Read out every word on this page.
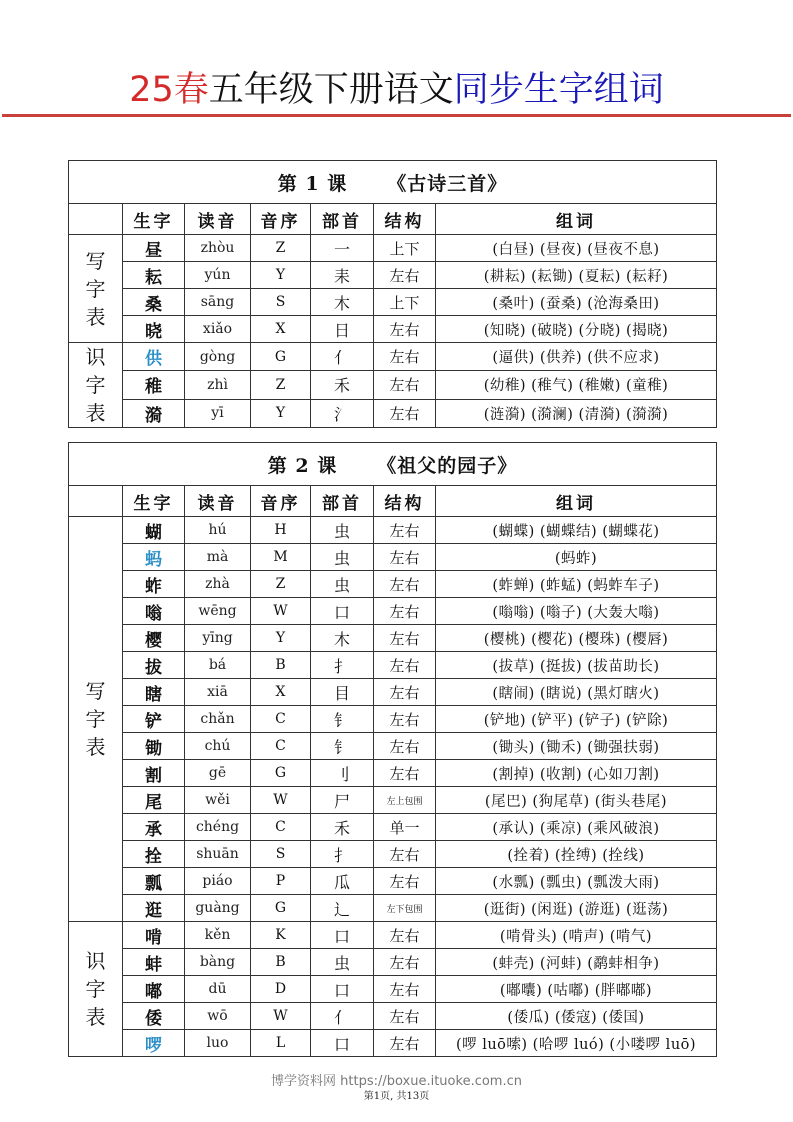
25春五年级下册语文同步生字组词
第 1 课 《古诗三首》						
	生字	读音	音序	部首	结构	组词

写
字
表	昼	zhòu	Z	一	上下	(白昼) (昼夜) (昼夜不息)
	耘	yún	Y	耒	左右	(耕耘) (耘锄) (夏耘) (耘耔)
	桑	sāng	S	木	上下	(桑叶) (蚕桑) (沧海桑田)
	晓	xiǎo	X	日	左右	(知晓) (破晓) (分晓) (揭晓)

识
字
表	供	gòng	G	亻	左右	(逼供) (供养) (供不应求)
	稚	zhì	Z	禾	左右	(幼稚) (稚气) (稚嫩) (童稚)
	漪	yī	Y	氵	左右	(涟漪) (漪澜) (清漪) (漪漪)
第 2 课 《祖父的园子》						
	生字	读音	音序	部首	结构	组词

写
字
表	蝴	hú	H	虫	左右	(蝴蝶) (蝴蝶结) (蝴蝶花)
	蚂	mà	M	虫	左右	(蚂蚱)
	蚱	zhà	Z	虫	左右	(蚱蝉) (蚱蜢) (蚂蚱车子)
	嗡	wēng	W	口	左右	(嗡嗡) (嗡子) (大轰大嗡)
	樱	yīng	Y	木	左右	(樱桃) (樱花) (樱珠) (樱唇)
	拔	bá	B	扌	左右	(拔草) (挺拔) (拔苗助长)
	瞎	xiā	X	目	左右	(瞎闹) (瞎说) (黑灯瞎火)
	铲	chǎn	C	钅	左右	(铲地) (铲平) (铲子) (铲除)
	锄	chú	C	钅	左右	(锄头) (锄禾) (锄强扶弱)
	割	gē	G	刂	左右	(割掉) (收割) (心如刀割)
	尾	wěi	W	尸	左上包围	(尾巴) (狗尾草) (街头巷尾)
	承	chéng	C	禾	单一	(承认) (乘凉) (乘风破浪)
	拴	shuān	S	扌	左右	(拴着) (拴缚) (拴线)
	瓢	piáo	P	瓜	左右	(水瓢) (瓢虫) (瓢泼大雨)
	逛	guàng	G	辶	左下包围	(逛街) (闲逛) (游逛) (逛荡)

识
字
表	啃	kěn	K	口	左右	(啃骨头) (啃声) (啃气)
	蚌	bàng	B	虫	左右	(蚌壳) (河蚌) (鹬蚌相争)
	嘟	dū	D	口	左右	(嘟囔) (咕嘟) (胖嘟嘟)
	倭	wō	W	亻	左右	(倭瓜) (倭寇) (倭国)
	啰	luo	L	口	左右	(啰 luō嗦) (哈啰 luó) (小喽啰 luō)
博学资料网 https://boxue.ituoke.com.cn
第1页, 共13页
